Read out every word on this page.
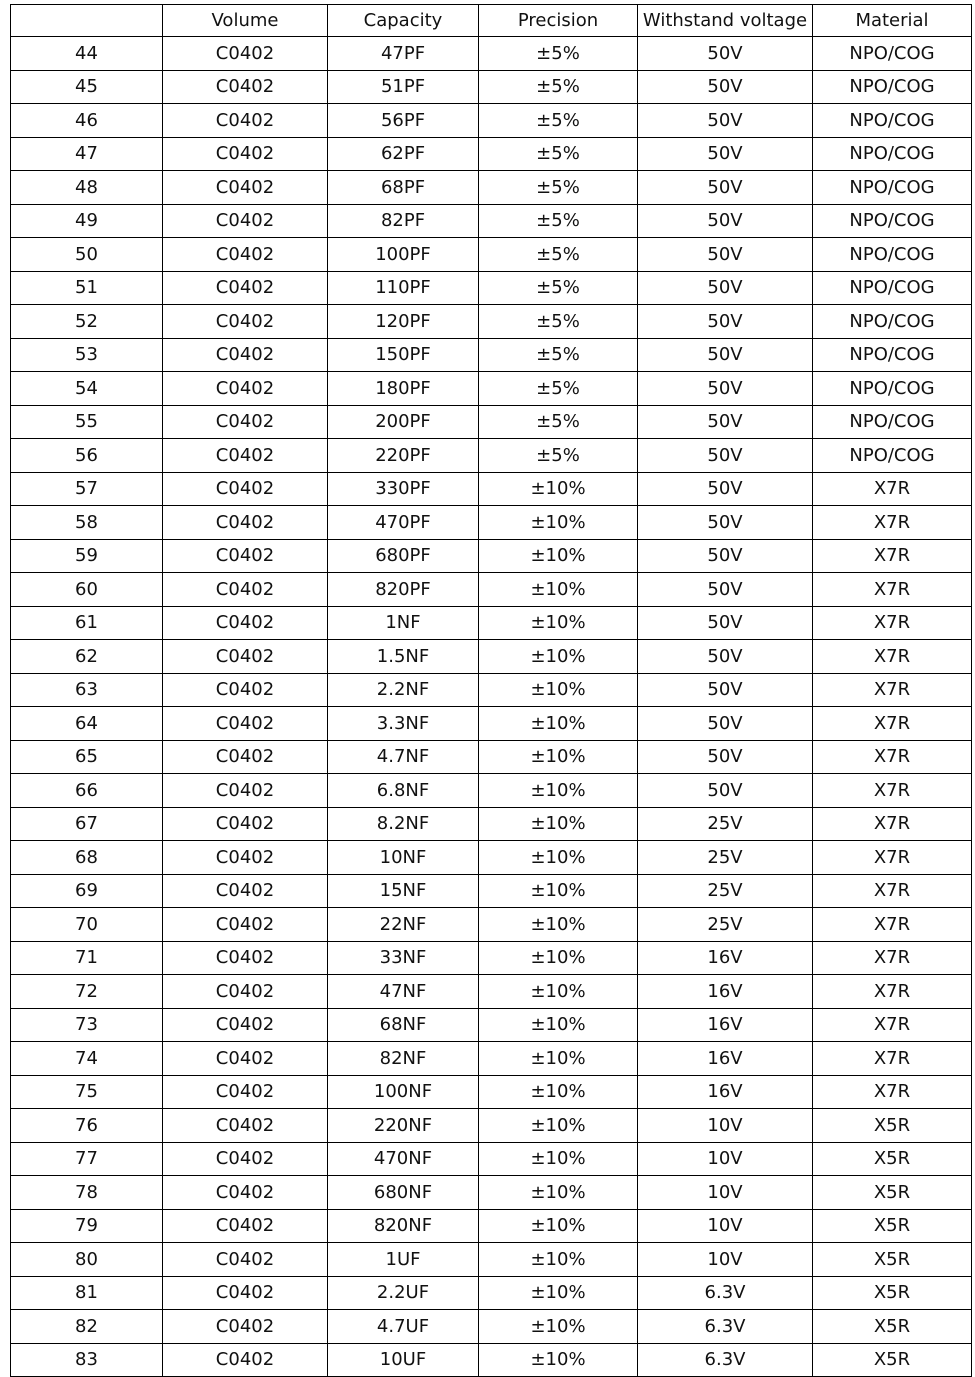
	Volume	Capacity	Precision	Withstand voltage	Material
44	C0402	47PF	±5%	50V	NPO/COG
45	C0402	51PF	±5%	50V	NPO/COG
46	C0402	56PF	±5%	50V	NPO/COG
47	C0402	62PF	±5%	50V	NPO/COG
48	C0402	68PF	±5%	50V	NPO/COG
49	C0402	82PF	±5%	50V	NPO/COG
50	C0402	100PF	±5%	50V	NPO/COG
51	C0402	110PF	±5%	50V	NPO/COG
52	C0402	120PF	±5%	50V	NPO/COG
53	C0402	150PF	±5%	50V	NPO/COG
54	C0402	180PF	±5%	50V	NPO/COG
55	C0402	200PF	±5%	50V	NPO/COG
56	C0402	220PF	±5%	50V	NPO/COG
57	C0402	330PF	±10%	50V	X7R
58	C0402	470PF	±10%	50V	X7R
59	C0402	680PF	±10%	50V	X7R
60	C0402	820PF	±10%	50V	X7R
61	C0402	1NF	±10%	50V	X7R
62	C0402	1.5NF	±10%	50V	X7R
63	C0402	2.2NF	±10%	50V	X7R
64	C0402	3.3NF	±10%	50V	X7R
65	C0402	4.7NF	±10%	50V	X7R
66	C0402	6.8NF	±10%	50V	X7R
67	C0402	8.2NF	±10%	25V	X7R
68	C0402	10NF	±10%	25V	X7R
69	C0402	15NF	±10%	25V	X7R
70	C0402	22NF	±10%	25V	X7R
71	C0402	33NF	±10%	16V	X7R
72	C0402	47NF	±10%	16V	X7R
73	C0402	68NF	±10%	16V	X7R
74	C0402	82NF	±10%	16V	X7R
75	C0402	100NF	±10%	16V	X7R
76	C0402	220NF	±10%	10V	X5R
77	C0402	470NF	±10%	10V	X5R
78	C0402	680NF	±10%	10V	X5R
79	C0402	820NF	±10%	10V	X5R
80	C0402	1UF	±10%	10V	X5R
81	C0402	2.2UF	±10%	6.3V	X5R
82	C0402	4.7UF	±10%	6.3V	X5R
83	C0402	10UF	±10%	6.3V	X5R
